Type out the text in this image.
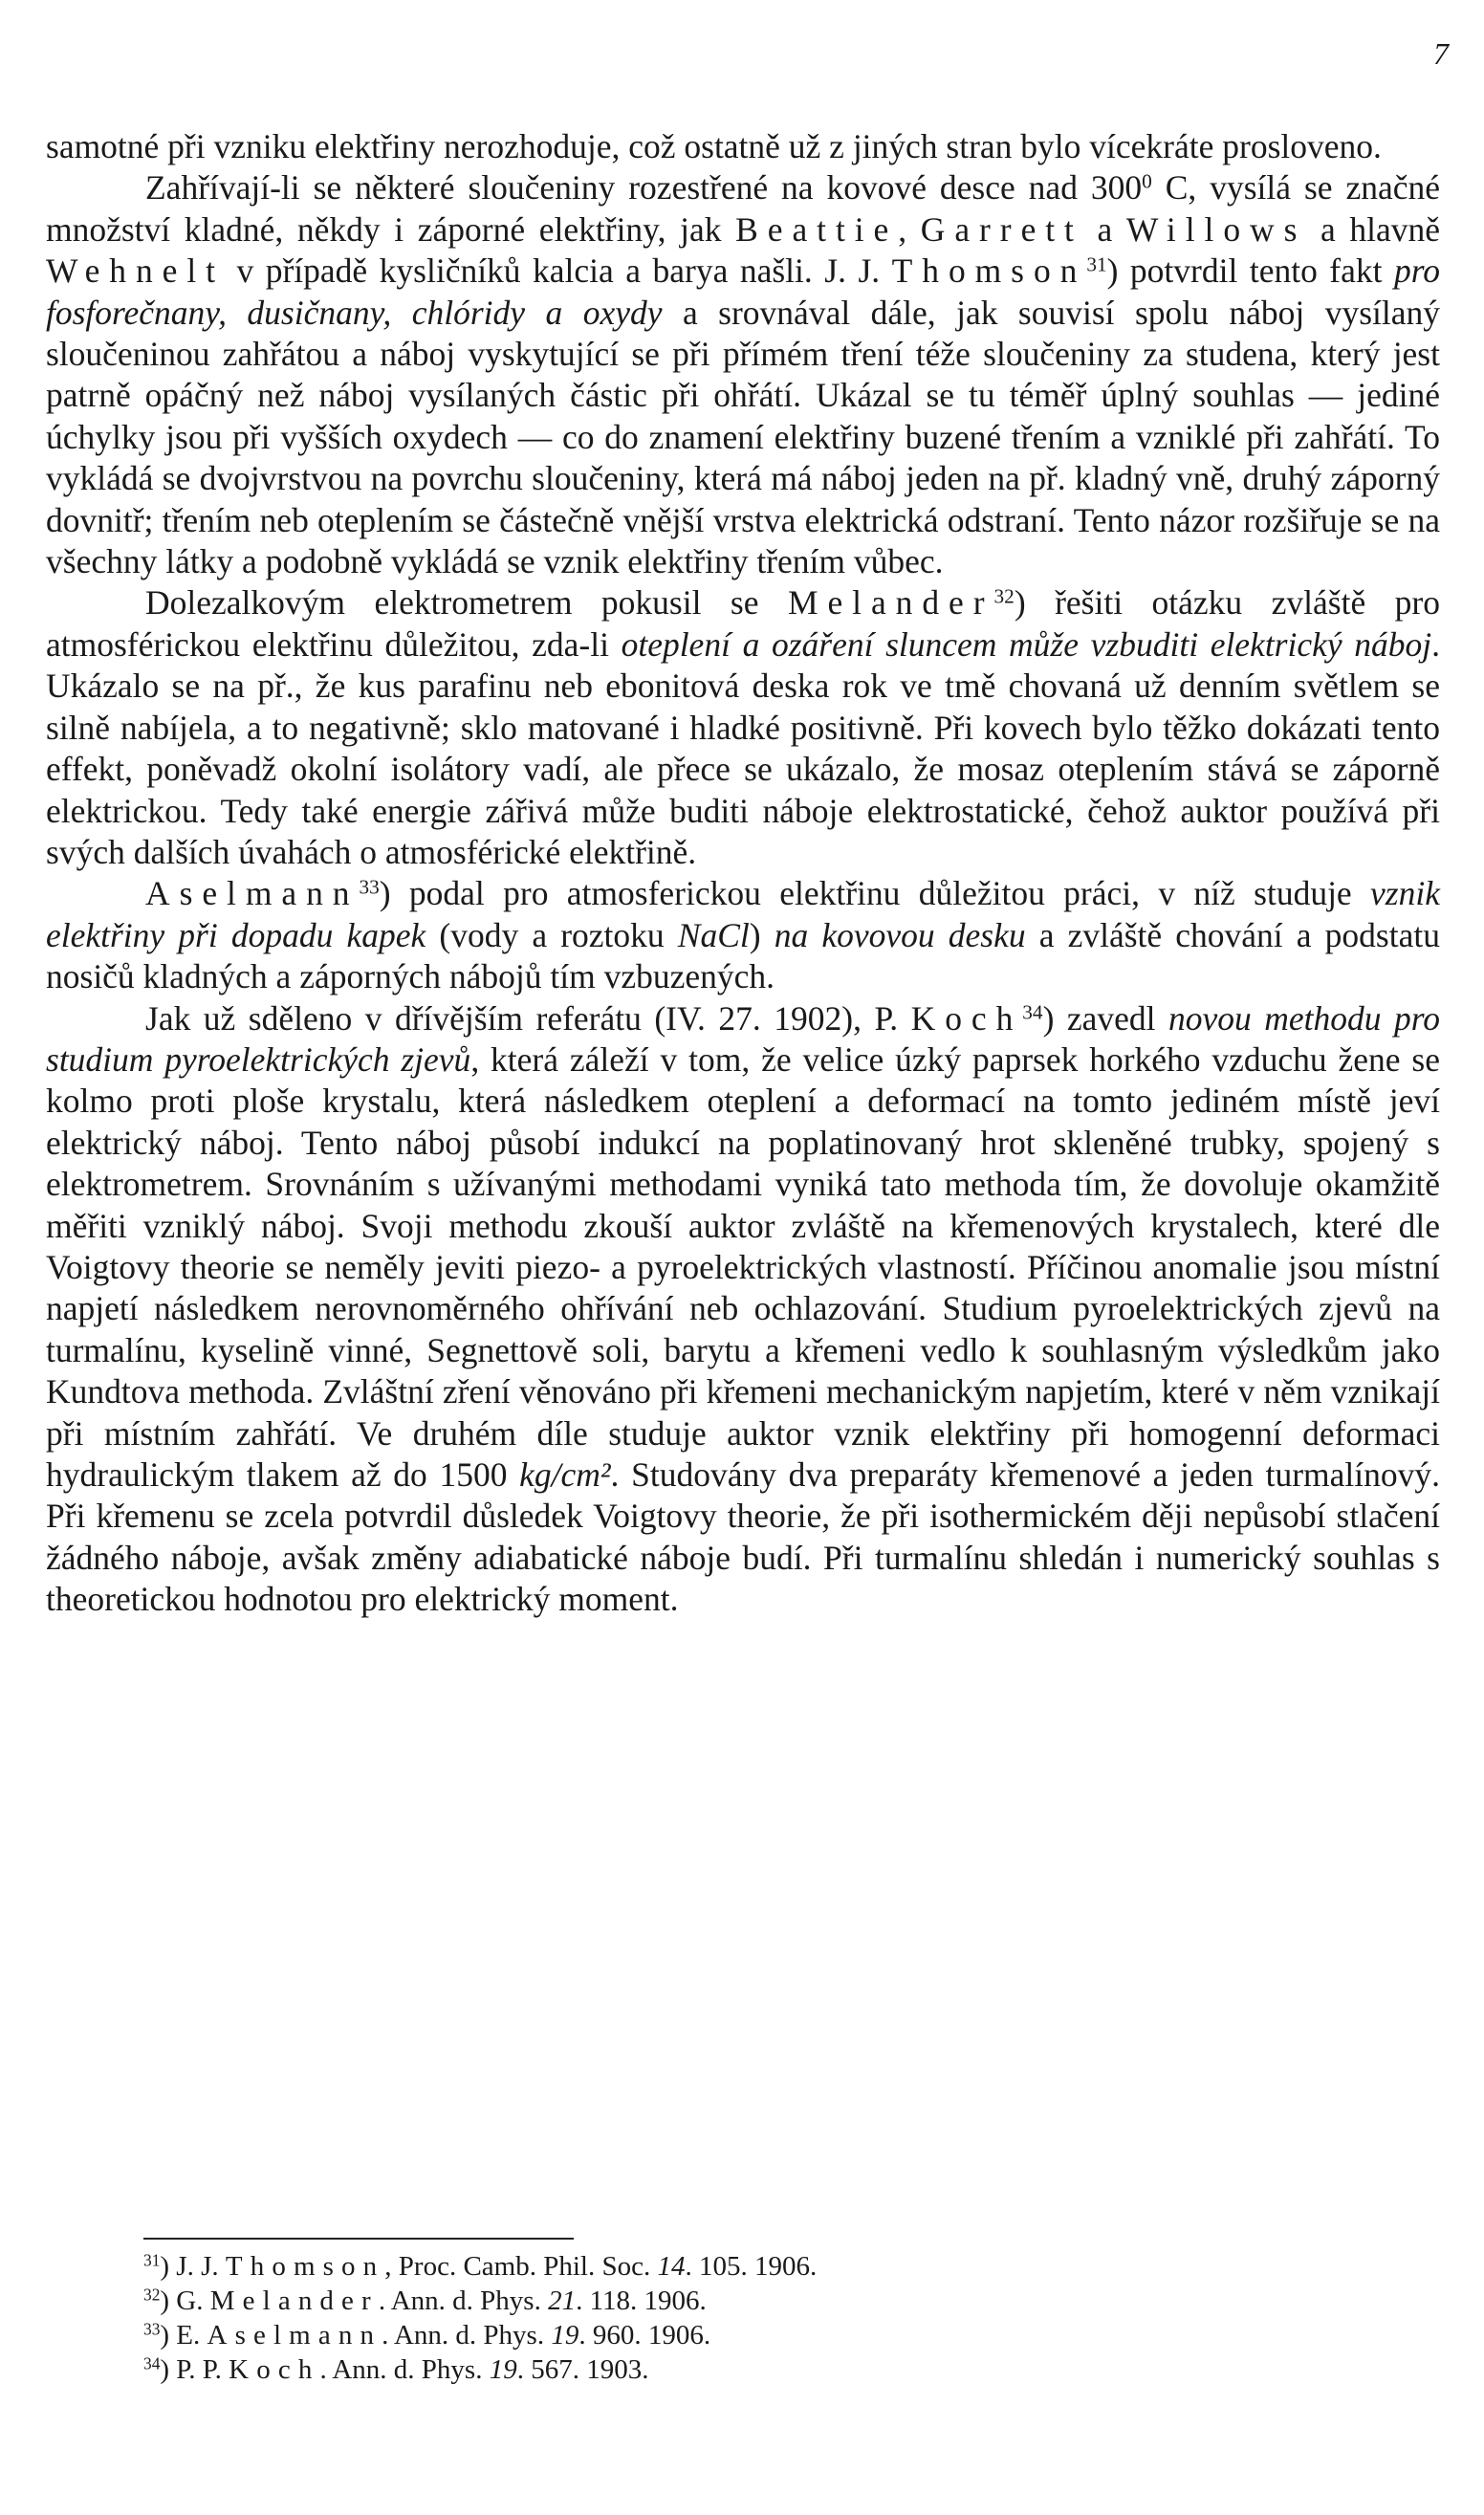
7

samotné při vzniku elektřiny nerozhoduje, což ostatně už z jiných stran bylo vícekráte prosloveno.

Zahřívají-li se některé sloučeniny rozestřené na kovové desce nad $300^0$ C, vysílá se značné množství kladné, někdy i záporné elektřiny, jak Beattie, Garrett a Willows a hlavně Wehnelt v případě kysličníků kalcia a barya našli. J. J. Thomson$^{31}$) potvrdil tento fakt pro fosforečnany, dusičnany, chlóridy a oxydy a srovnával dále, jak souvisí spolu náboj vysílaný sloučeninou zahřátou a náboj vyskytující se při přímém tření téže sloučeniny za studena, který jest patrně opáčný než náboj vysílaných částic při ohřátí. Ukázal se tu téměř úplný souhlas — jediné úchylky jsou při vyšších oxydech — co do znamení elektřiny buzené třením a vzniklé při zahřátí. To vykládá se dvojvrstvou na povrchu sloučeniny, která má náboj jeden na př. kladný vně, druhý záporný dovnitř; třením neb oteplením se částečně vnější vrstva elektrická odstraní. Tento názor rozšiřuje se na všechny látky a podobně vykládá se vznik elektřiny třením vůbec.

Dolezalkovým elektrometrem pokusil se Melander$^{32}$) řešiti otázku zvláště pro atmosférickou elektřinu důležitou, zda-li oteplení a ozáření sluncem může vzbuditi elektrický náboj. Ukázalo se na př., že kus parafinu neb ebonitová deska rok ve tmě chovaná už denním světlem se silně nabíjela, a to negativně; sklo matované i hladké positivně. Při kovech bylo těžko dokázati tento effekt, poněvadž okolní isolátory vadí, ale přece se ukázalo, že mosaz oteplením stává se záporně elektrickou. Tedy také energie zářivá může buditi náboje elektrostatické, čehož auktor používá při svých dalších úvahách o atmosférické elektřině.

Aselmann$^{33}$) podal pro atmosferickou elektřinu důležitou práci, v níž studuje vznik elektřiny při dopadu kapek (vody a roztoku NaCl) na kovovou desku a zvláště chování a podstatu nosičů kladných a záporných nábojů tím vzbuzených.

Jak už sděleno v dřívějším referátu (IV. 27. 1902), P. Koch$^{34}$) zavedl novou methodu pro studium pyroelektrických zjevů, která záleží v tom, že velice úzký paprsek horkého vzduchu žene se kolmo proti ploše krystalu, která následkem oteplení a deformací na tomto jediném místě jeví elektrický náboj. Tento náboj působí indukcí na poplatinovaný hrot skleněné trubky, spojený s elektrometrem. Srovnáním s užívanými methodami vyniká tato methoda tím, že dovoluje okamžitě měřiti vzniklý náboj. Svoji methodu zkouší auktor zvláště na křemenových krystalech, které dle Voigtovy theorie se neměly jeviti piezo- a pyroelektrických vlastností. Příčinou anomalie jsou místní napjetí následkem nerovnoměrného ohřívání neb ochlazování. Studium pyroelektrických zjevů na turmalínu, kyselině vinné, Segnettově soli, barytu a křemeni vedlo k souhlasným výsledkům jako Kundtova methoda. Zvláštní zření věnováno při křemeni mechanickým napjetím, které v něm vznikají při místním zahřátí. Ve druhém díle studuje auktor vznik elektřiny při homogenní deformaci hydraulickým tlakem až do 1500 kg/cm². Studovány dva preparáty křemenové a jeden turmalínový. Při křemenu se zcela potvrdil důsledek Voigtovy theorie, že při isothermickém ději nepůsobí stlačení žádného náboje, avšak změny adiabatické náboje budí. Při turmalínu shledán i numerický souhlas s theoretickou hodnotou pro elektrický moment.

$^{31}$) J. J. Thomson, Proc. Camb. Phil. Soc. 14. 105. 1906.
$^{32}$) G. Melander. Ann. d. Phys. 21. 118. 1906.
$^{33}$) E. Aselmann. Ann. d. Phys. 19. 960. 1906.
$^{34}$) P. P. Koch. Ann. d. Phys. 19. 567. 1903.
